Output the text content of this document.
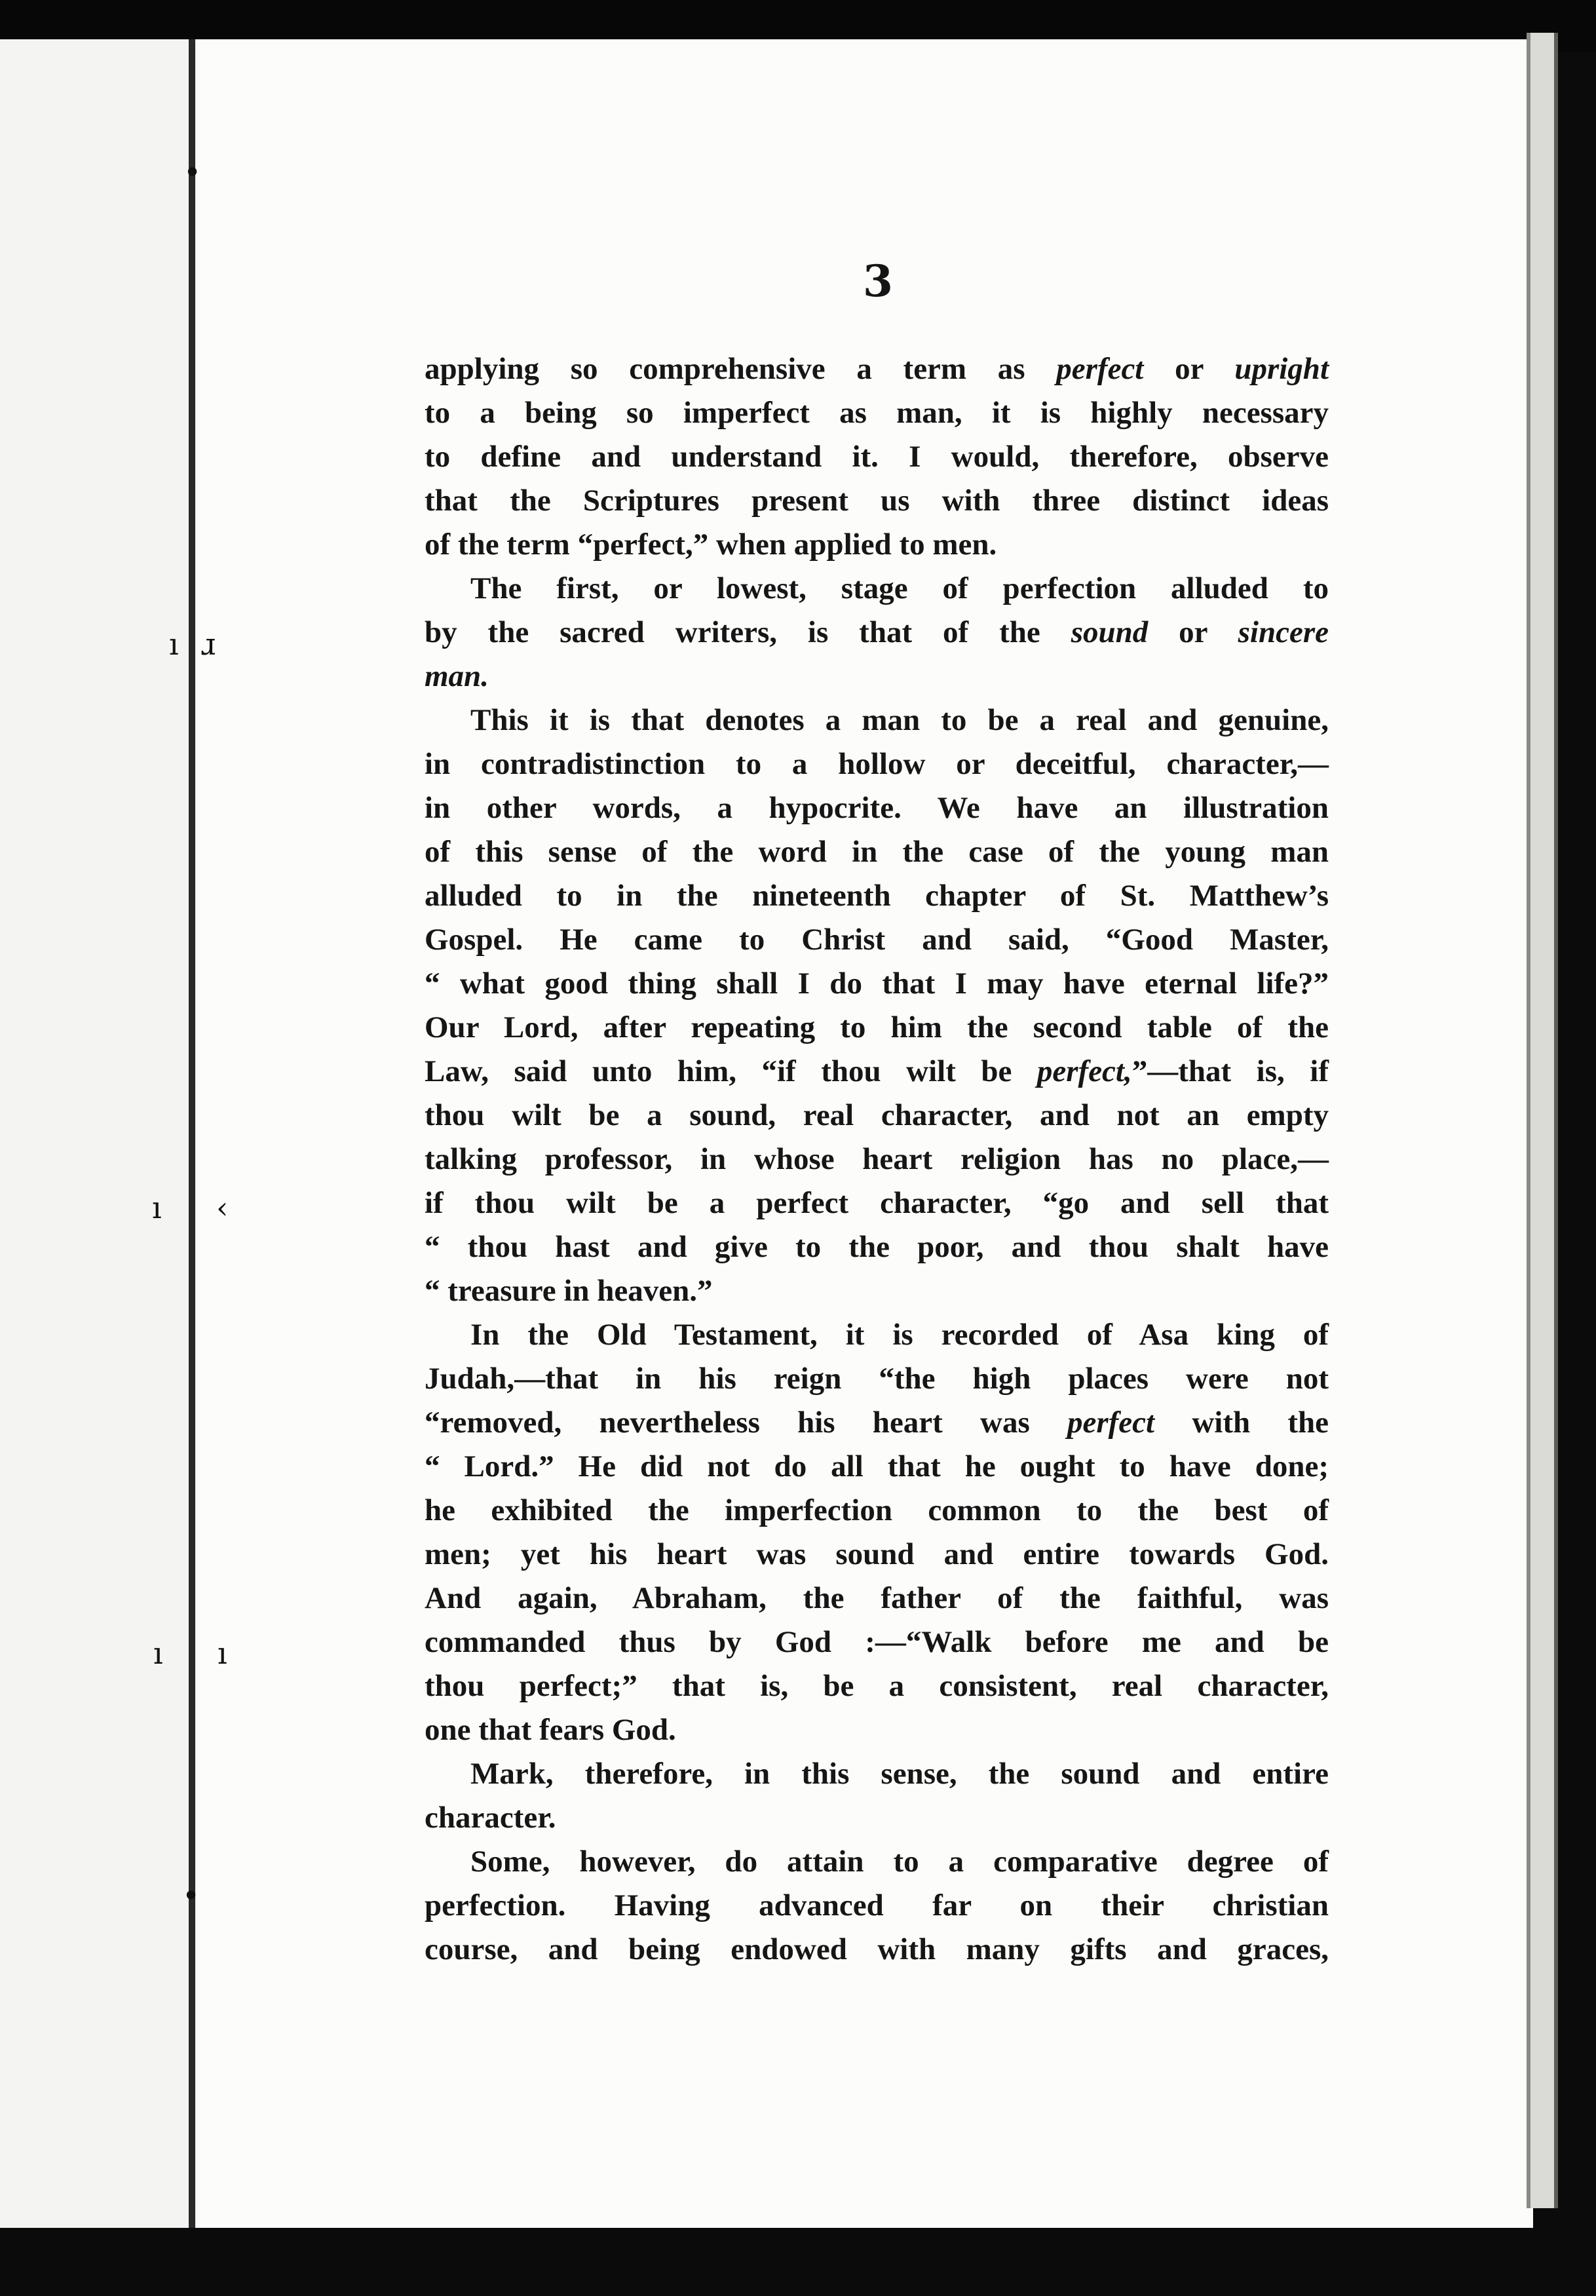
•
ı ɹ
ı ‹
ı ı
•
3
applying so comprehensive a term as perfect or upright
to a being so imperfect as man, it is highly necessary
to define and understand it. I would, therefore, observe
that the Scriptures present us with three distinct ideas
of the term “perfect,” when applied to men.
The first, or lowest, stage of perfection alluded to
by the sacred writers, is that of the sound or sincere
man.
This it is that denotes a man to be a real and genuine,
in contradistinction to a hollow or deceitful, character,—
in other words, a hypocrite. We have an illustration
of this sense of the word in the case of the young man
alluded to in the nineteenth chapter of St. Matthew’s
Gospel. He came to Christ and said, “Good Master,
“ what good thing shall I do that I may have eternal life?”
Our Lord, after repeating to him the second table of the
Law, said unto him, “if thou wilt be perfect,”—that is, if
thou wilt be a sound, real character, and not an empty
talking professor, in whose heart religion has no place,—
if thou wilt be a perfect character, “go and sell that
“ thou hast and give to the poor, and thou shalt have
“ treasure in heaven.”
In the Old Testament, it is recorded of Asa king of
Judah,—that in his reign “the high places were not
“removed, nevertheless his heart was perfect with the
“ Lord.” He did not do all that he ought to have done;
he exhibited the imperfection common to the best of
men; yet his heart was sound and entire towards God.
And again, Abraham, the father of the faithful, was
commanded thus by God :—“Walk before me and be
thou perfect;” that is, be a consistent, real character,
one that fears God.
Mark, therefore, in this sense, the sound and entire
character.
Some, however, do attain to a comparative degree of
perfection. Having advanced far on their christian
course, and being endowed with many gifts and graces,
